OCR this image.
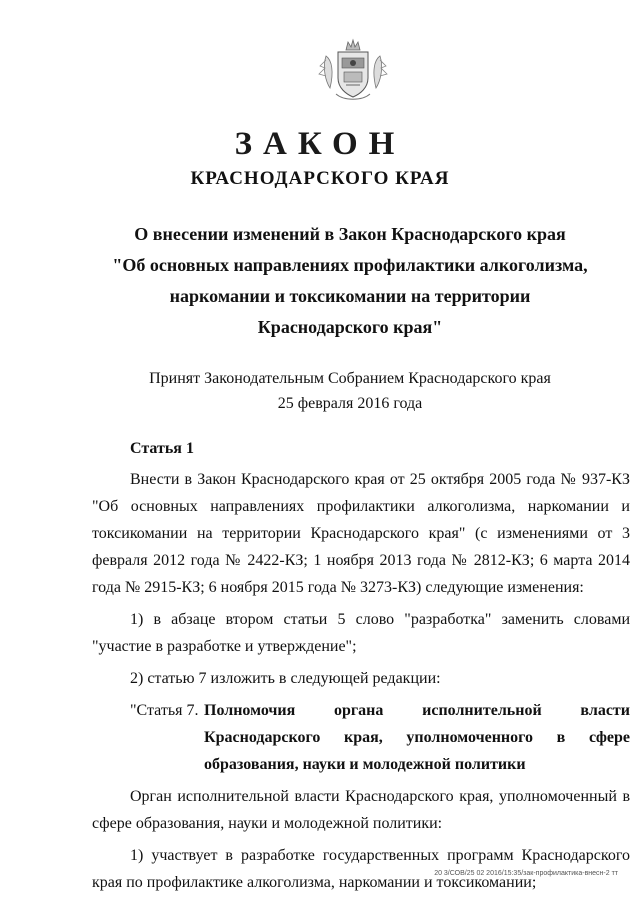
ЗАКОН
КРАСНОДАРСКОГО КРАЯ
О внесении изменений в Закон Краснодарского края
"Об основных направлениях профилактики алкоголизма,
наркомании и токсикомании на территории
Краснодарского края"
Принят Законодательным Собранием Краснодарского края
25 февраля 2016 года
Статья 1

Внести в Закон Краснодарского края от 25 октября 2005 года № 937-КЗ "Об основных направлениях профилактики алкоголизма, наркомании и токсикомании на территории Краснодарского края" (с изменениями от 3 февраля 2012 года № 2422-КЗ; 1 ноября 2013 года № 2812-КЗ; 6 марта 2014 года № 2915-КЗ; 6 ноября 2015 года № 3273-КЗ) следующие изменения:

1) в абзаце втором статьи 5 слово "разработка" заменить словами "участие в разработке и утверждение";

2) статью 7 изложить в следующей редакции:

"Статья 7. Полномочия органа исполнительной власти Краснодарского края, уполномоченного в сфере образования, науки и молодежной политики

Орган исполнительной власти Краснодарского края, уполномоченный в сфере образования, науки и молодежной политики:

1) участвует в разработке государственных программ Краснодарского края по профилактике алкоголизма, наркомании и токсикомании;

20 3/СОВ/25 02 2016/15:35/зак-профилактика-внесн-2 тт
